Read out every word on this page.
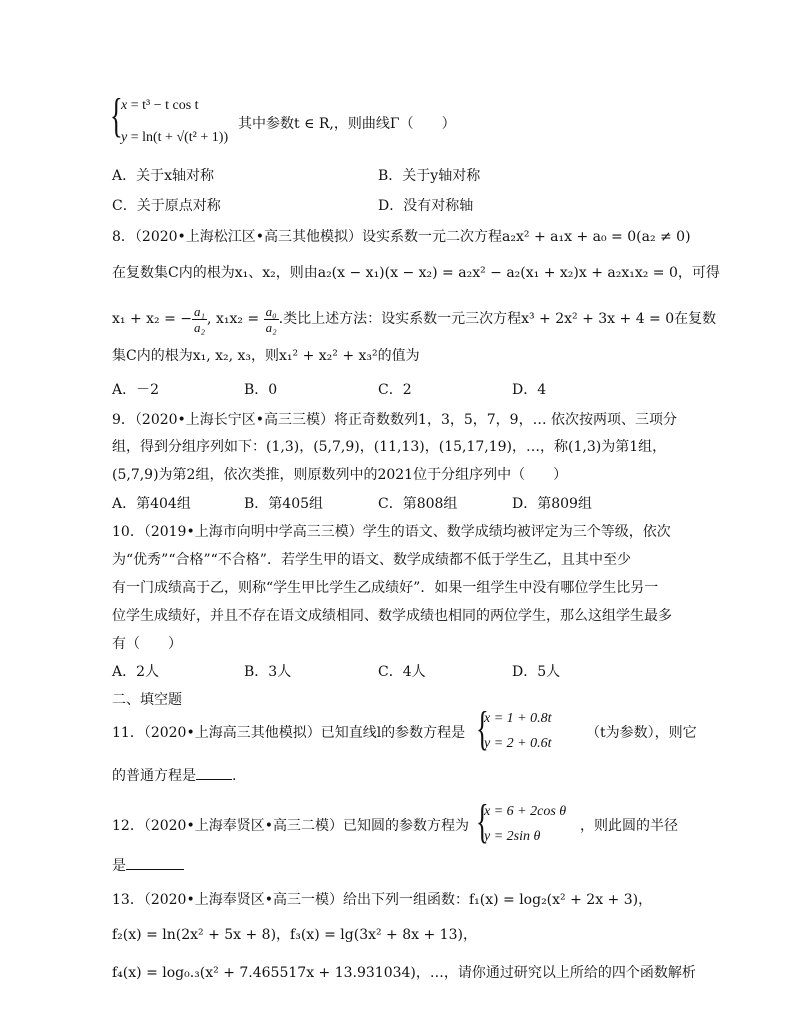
{
x = t³ − t cos t
y = ln(t + √(t² + 1))
其中参数t ∈ R,，则曲线Γ（　　）
A．关于x轴对称	B．关于y轴对称
C．关于原点对称	D．没有对称轴
8．（2020•上海松江区•高三其他模拟）设实系数一元二次方程a₂x² + a₁x + a₀ = 0(a₂ ≠ 0)
在复数集C内的根为x₁、x₂，则由a₂(x − x₁)(x − x₂) = a₂x² − a₂(x₁ + x₂)x + a₂x₁x₂ = 0，可得
x₁ + x₂ = − $\frac{\text{a₁}}{\text{a₂}}$ , $x_1x_2 = \frac{\text{a₀}}{\text{a₂}}$ .类比上述方法：设实系数一元三次方程x³ + 2x² + 3x + 4 = 0在复数
集C内的根为x₁, x₂, x₃，则x₁² + x₂² + x₃²的值为
A．－2	B．0	C．2	D．4
9．（2020•上海长宁区•高三三模）将正奇数数列1，3，5，7，9，… 依次按两项、三项分
组，得到分组序列如下：(1,3)，(5,7,9)，(11,13)，(15,17,19)，…，称(1,3)为第1组，
(5,7,9)为第2组，依次类推，则原数列中的2021位于分组序列中（　　）
A．第404组	B．第405组	C．第808组	D．第809组
10．（2019•上海市向明中学高三三模）学生的语文、数学成绩均被评定为三个等级，依次
为“优秀”“合格”“不合格”．若学生甲的语文、数学成绩都不低于学生乙，且其中至少
有一门成绩高于乙，则称“学生甲比学生乙成绩好”．如果一组学生中没有哪位学生比另一
位学生成绩好，并且不存在语文成绩相同、数学成绩也相同的两位学生，那么这组学生最多
有（　　）
A．2人	B．3人	C．4人	D．5人
二、填空题
11．（2020•上海高三其他模拟）已知直线l的参数方程是 {
x = 1 + 0.8t
y = 2 + 0.6t
（t为参数），则它
的普通方程是	.
12．（2020•上海奉贤区•高三二模）已知圆的参数方程为 {
x = 6 + 2cos θ
y = 2sin θ
，则此圆的半径
是
13．（2020•上海奉贤区•高三一模）给出下列一组函数：f₁(x) = log₂(x² + 2x + 3)，
f₂(x) = ln(2x² + 5x + 8)，f₃(x) = lg(3x² + 8x + 13)，
f₄(x) = log₀.₃(x² + 7.465517x + 13.931034)，…，请你通过研究以上所给的四个函数解析
